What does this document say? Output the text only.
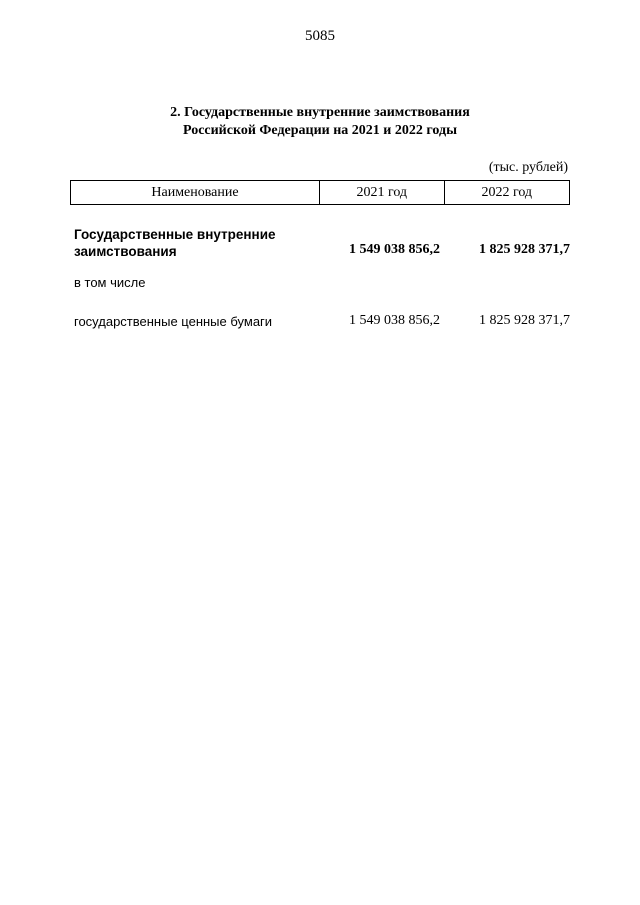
5085
2. Государственные внутренние заимствования
Российской Федерации на 2021 и 2022 годы
(тыс. рублей)
Наименование	2021 год	2022 год
Государственные внутренние
заимствования	1 549 038 856,2	1 825 928 371,7
в том числе
государственные ценные бумаги	1 549 038 856,2	1 825 928 371,7
